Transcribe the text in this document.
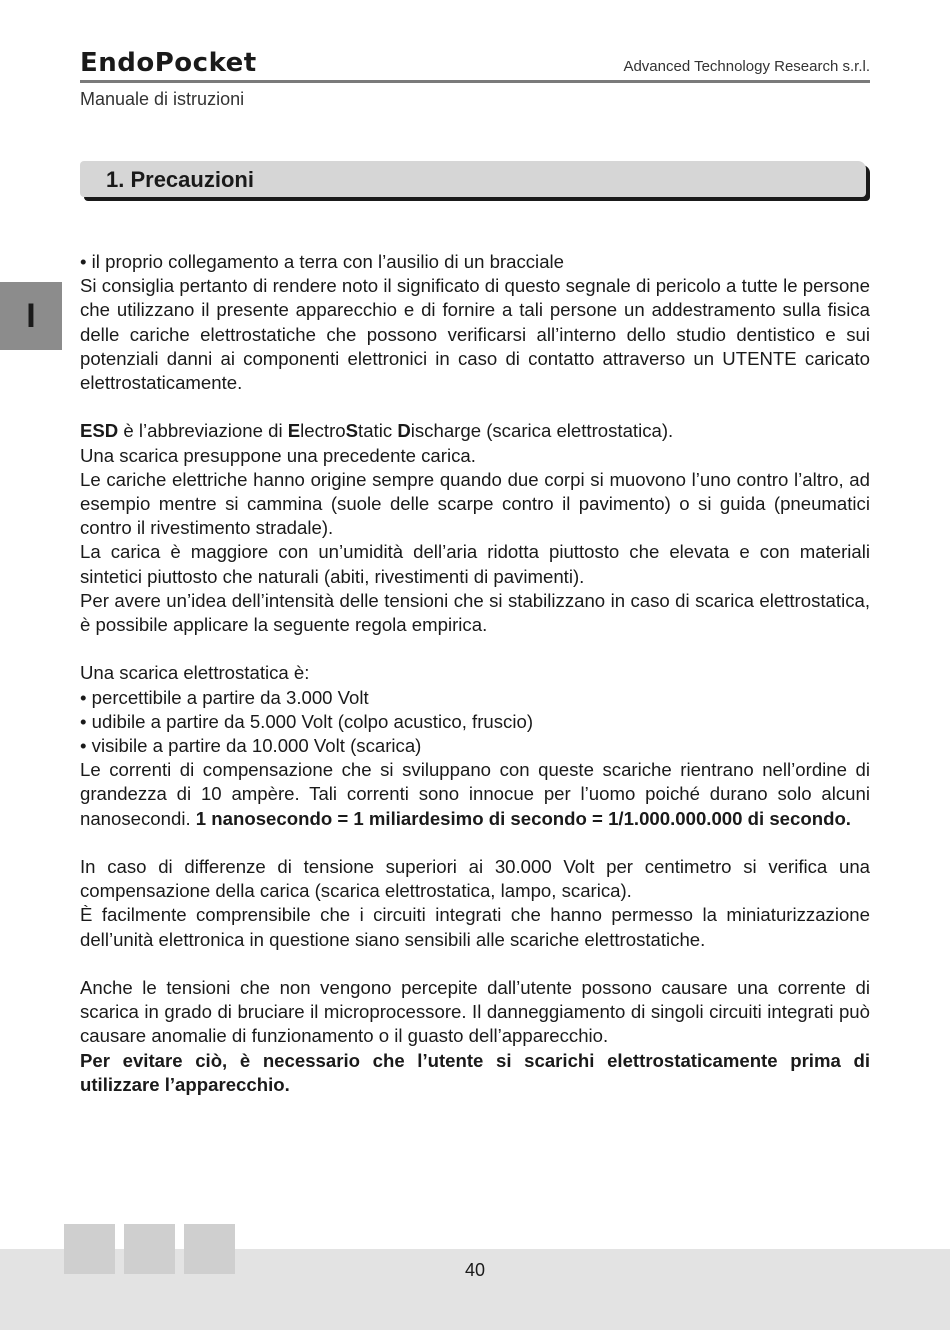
EndoPocket	Advanced Technology Research s.r.l.
Manuale di istruzioni
1. Precauzioni
I

• il proprio collegamento a terra con l’ausilio di un bracciale

Si consiglia pertanto di rendere noto il significato di questo segnale di pericolo a tutte le persone che utilizzano il presente apparecchio e di fornire a tali persone un addestramento sulla fisica delle cariche elettrostatiche che possono verificarsi all’interno dello studio dentistico e sui potenziali danni ai componenti elettronici in caso di contatto attraverso un UTENTE caricato elettrostaticamente.

ESD è l’abbreviazione di ElectroStatic Discharge (scarica elettrostatica).

Una scarica presuppone una precedente carica.

Le cariche elettriche hanno origine sempre quando due corpi si muovono l’uno contro l’altro, ad esempio mentre si cammina (suole delle scarpe contro il pavimento) o si guida (pneumatici contro il rivestimento stradale).

La carica è maggiore con un’umidità dell’aria ridotta piuttosto che elevata e con materiali sintetici piuttosto che naturali (abiti, rivestimenti di pavimenti).

Per avere un’idea dell’intensità delle tensioni che si stabilizzano in caso di scarica elettrostatica, è possibile applicare la seguente regola empirica.

Una scarica elettrostatica è:

• percettibile a partire da 3.000 Volt

• udibile a partire da 5.000 Volt (colpo acustico, fruscio)

• visibile a partire da 10.000 Volt (scarica)

Le correnti di compensazione che si sviluppano con queste scariche rientrano nell’ordine di grandezza di 10 ampère. Tali correnti sono innocue per l’uomo poiché durano solo alcuni nanosecondi. 1 nanosecondo = 1 miliardesimo di secondo = 1/1.000.000.000 di secondo.

In caso di differenze di tensione superiori ai 30.000 Volt per centimetro si verifica una compensazione della carica (scarica elettrostatica, lampo, scarica).

È facilmente comprensibile che i circuiti integrati che hanno permesso la miniaturizzazione dell’unità elettronica in questione siano sensibili alle scariche elettrostatiche.

Anche le tensioni che non vengono percepite dall’utente possono causare una corrente di scarica in grado di bruciare il microprocessore. Il danneggiamento di singoli circuiti integrati può causare anomalie di funzionamento o il guasto dell’apparecchio.

Per evitare ciò, è necessario che l’utente si scarichi elettrostaticamente prima di utilizzare l’apparecchio.

40
